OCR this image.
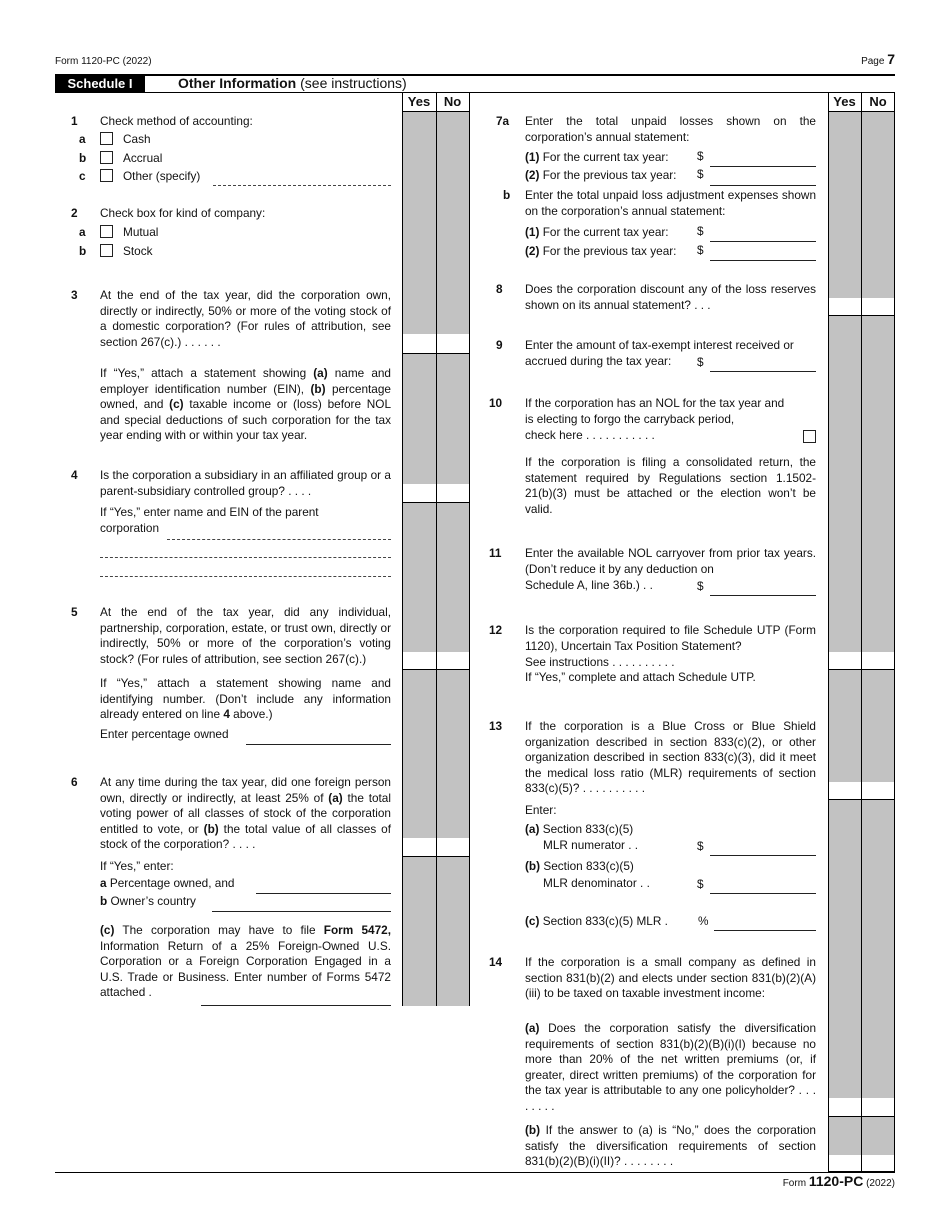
Form 1120-PC (2022)	Page 7
Schedule I	Other Information (see instructions)
Yes	No	Yes	No
1 Check method of accounting:
a	Cash
b	Accrual
c	Other (specify)
2 Check box for kind of company:
a	Mutual
b	Stock
3 At the end of the tax year, did the corporation own, directly or indirectly, 50% or more of the voting stock of a domestic corporation? (For rules of attribution, see section 267(c).) . . . . . .
If “Yes,” attach a statement showing (a) name and employer identification number (EIN), (b) percentage owned, and (c) taxable income or (loss) before NOL and special deductions of such corporation for the tax year ending with or within your tax year.
4 Is the corporation a subsidiary in an affiliated group or a parent-subsidiary controlled group? . . . .
If “Yes,” enter name and EIN of the parent
corporation
5 At the end of the tax year, did any individual, partnership, corporation, estate, or trust own, directly or indirectly, 50% or more of the corporation’s voting stock? (For rules of attribution, see section 267(c).)
If “Yes,” attach a statement showing name and identifying number. (Don’t include any information already entered on line 4 above.)
Enter percentage owned
6 At any time during the tax year, did one foreign person own, directly or indirectly, at least 25% of (a) the total voting power of all classes of stock of the corporation entitled to vote, or (b) the total value of all classes of stock of the corporation? . . . .
If “Yes,” enter:
a Percentage owned, and
b Owner’s country
(c) The corporation may have to file Form 5472, Information Return of a 25% Foreign-Owned U.S. Corporation or a Foreign Corporation Engaged in a U.S. Trade or Business. Enter number of Forms 5472 attached .
7a Enter the total unpaid losses shown on the corporation’s annual statement:
(1) For the current tax year: $
(2) For the previous tax year: $
b Enter the total unpaid loss adjustment expenses shown on the corporation’s annual statement:
(1) For the current tax year: $
(2) For the previous tax year: $
8 Does the corporation discount any of the loss reserves shown on its annual statement? . . .
9 Enter the amount of tax-exempt interest received or
accrued during the tax year: $
10 If the corporation has an NOL for the tax year and is electing to forgo the carryback period,
check here . . . . . . . . . . .
If the corporation is filing a consolidated return, the statement required by Regulations section 1.1502-21(b)(3) must be attached or the election won’t be valid.
11 Enter the available NOL carryover from prior tax years. (Don’t reduce it by any deduction on
Schedule A, line 36b.) . .	$
12 Is the corporation required to file Schedule UTP (Form 1120), Uncertain Tax Position Statement?
See instructions . . . . . . . . . .
If “Yes,” complete and attach Schedule UTP.
13 If the corporation is a Blue Cross or Blue Shield organization described in section 833(c)(2), or other organization described in section 833(c)(3), did it meet the medical loss ratio (MLR) requirements of section 833(c)(5)? . . . . . . . . . .
Enter:
(a) Section 833(c)(5)
MLR numerator . .	$
(b) Section 833(c)(5)
MLR denominator . .	$
(c) Section 833(c)(5) MLR .	%
14 If the corporation is a small company as defined in section 831(b)(2) and elects under section 831(b)(2)(A)(iii) to be taxed on taxable investment income:
(a) Does the corporation satisfy the diversification requirements of section 831(b)(2)(B)(i)(I) because no more than 20% of the net written premiums (or, if greater, direct written premiums) of the corporation for the tax year is attributable to any one policyholder? . . . . . . . .
(b) If the answer to (a) is “No,” does the corporation satisfy the diversification requirements of section 831(b)(2)(B)(i)(II)? . . . . . . . .
Form 1120-PC (2022)
